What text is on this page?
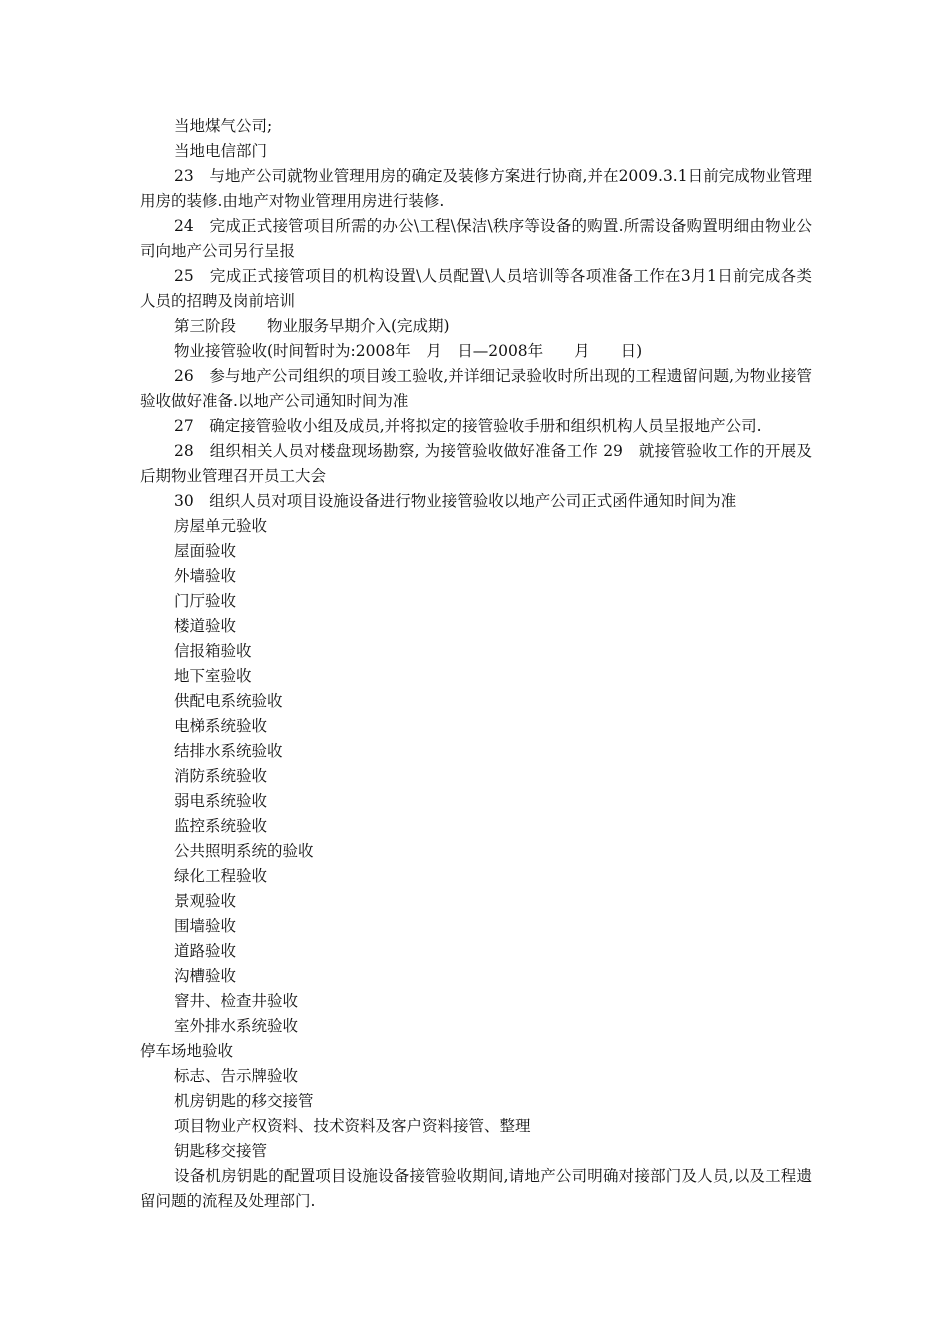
当地煤气公司;

当地电信部门

23　与地产公司就物业管理用房的确定及装修方案进行协商,并在2009.3.1日前完成物业管理用房的装修.由地产对物业管理用房进行装修.

24　完成正式接管项目所需的办公\工程\保洁\秩序等设备的购置.所需设备购置明细由物业公司向地产公司另行呈报

25　完成正式接管项目的机构设置\人员配置\人员培训等各项准备工作在3月1日前完成各类人员的招聘及岗前培训

第三阶段　　物业服务早期介入(完成期)

物业接管验收(时间暂时为:2008年　月　日—2008年　　月　　日)

26　参与地产公司组织的项目竣工验收,并详细记录验收时所出现的工程遗留问题,为物业接管验收做好准备.以地产公司通知时间为准

27　确定接管验收小组及成员,并将拟定的接管验收手册和组织机构人员呈报地产公司.

28　组织相关人员对楼盘现场勘察, 为接管验收做好准备工作 29　就接管验收工作的开展及后期物业管理召开员工大会

30　组织人员对项目设施设备进行物业接管验收以地产公司正式函件通知时间为准

房屋单元验收

屋面验收

外墙验收

门厅验收

楼道验收

信报箱验收

地下室验收

供配电系统验收

电梯系统验收

结排水系统验收

消防系统验收

弱电系统验收

监控系统验收

公共照明系统的验收

绿化工程验收

景观验收

围墙验收

道路验收

沟槽验收

窨井、检查井验收

室外排水系统验收

停车场地验收

标志、告示牌验收

机房钥匙的移交接管

项目物业产权资料、技术资料及客户资料接管、整理

钥匙移交接管

设备机房钥匙的配置项目设施设备接管验收期间,请地产公司明确对接部门及人员,以及工程遗留问题的流程及处理部门.
